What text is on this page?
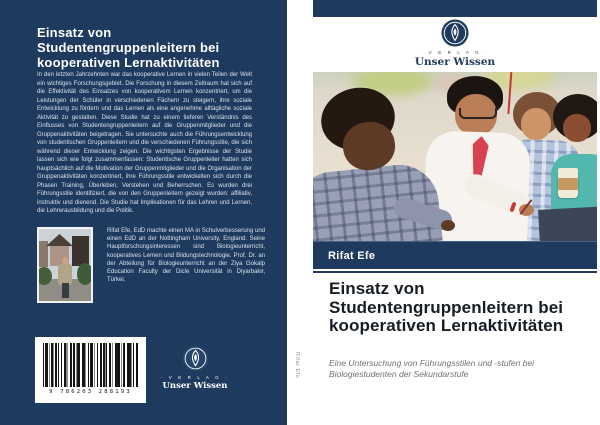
Einsatz von Studentengruppenleitern bei kooperativen Lernaktivitäten
In den letzten Jahrzehnten war das kooperative Lernen in vielen Teilen der Welt ein wichtiges Forschungsgebiet. Die Forschung in diesem Zeitraum hat sich auf die Effektivität des Einsatzes von kooperativem Lernen konzentriert, um die Leistungen der Schüler in verschiedenen Fächern zu steigern, ihre soziale Entwicklung zu fördern und das Lernen als eine angenehme alltägliche soziale Aktivität zu gestalten. Diese Studie hat zu einem tieferen Verständnis des Einflusses von Studentengruppenleitern auf die Gruppenmitglieder und die Gruppenaktivitäten beigetragen. Sie untersuchte auch die Führungsentwicklung von studentischen Gruppenleitern und die verschiedenen Führungsstile, die sich während dieser Entwicklung zeigen. Die wichtigsten Ergebnisse der Studie lassen sich wie folgt zusammenfassen: Studentische Gruppenleiter hatten sich hauptsächlich auf die Motivation der Gruppenmitglieder und die Organisation der Gruppenaktivitäten konzentriert, ihre Führungsstile entwickelten sich durch die Phasen Training, Überleben, Verstehen und Beherrschen. Es wurden drei Führungsstile identifiziert, die von den Gruppenleitern gezeigt wurden: affiliativ, instruktiv und dienend. Die Studie hat Implikationen für das Lehren und Lernen, die Lehrerausbildung und die Politik.
Rifat Efe, EdD machte einen MA in Schulverbesserung und einen EdD an der Nottingham University, England. Seine Hauptforschungsinteressen sind Biologieunterricht, kooperatives Lernen und Bildungstechnologie. Prof. Dr. an der Abteilung für Biologieunterricht an der Ziya Gokalp Education Faculty der Dicle Universität in Diyarbakir, Türkei.
9 786203 288193
· V E R L A G ·
Unser Wissen
Rifat Efe
· V E R L A G ·
Unser Wissen
Rifat Efe
Einsatz von Studentengruppenleitern bei kooperativen Lernaktivitäten
Eine Untersuchung von Führungsstilen und -stufen bei Biologiestudenten der Sekundarstufe
